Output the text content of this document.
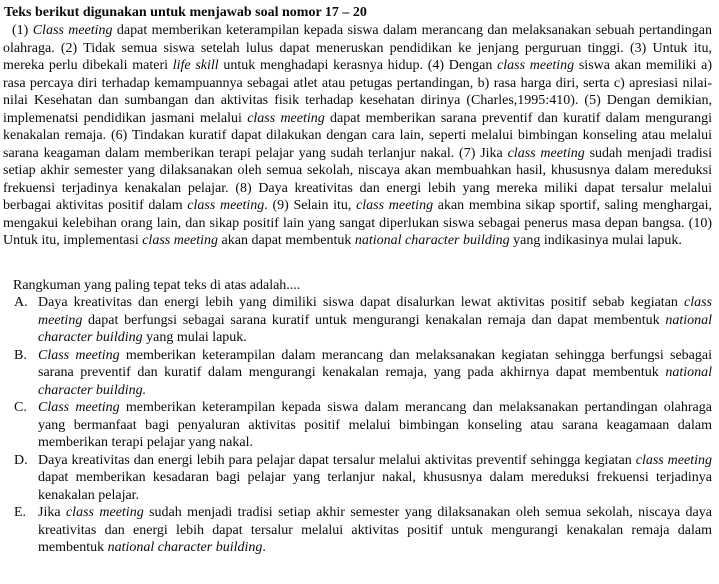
Teks berikut digunakan untuk menjawab soal nomor 17 – 20

(1) Class meeting dapat memberikan keterampilan kepada siswa dalam merancang dan melaksanakan sebuah pertandingan olahraga. (2) Tidak semua siswa setelah lulus dapat meneruskan pendidikan ke jenjang perguruan tinggi. (3) Untuk itu, mereka perlu dibekali materi life skill untuk menghadapi kerasnya hidup. (4) Dengan class meeting siswa akan memiliki a) rasa percaya diri terhadap kemampuannya sebagai atlet atau petugas pertandingan, b) rasa harga diri, serta c) apresiasi nilai-nilai Kesehatan dan sumbangan dan aktivitas fisik terhadap kesehatan dirinya (Charles,1995:410). (5) Dengan demikian, implemenatsi pendidikan jasmani melalui class meeting dapat memberikan sarana preventif dan kuratif dalam mengurangi kenakalan remaja. (6) Tindakan kuratif dapat dilakukan dengan cara lain, seperti melalui bimbingan konseling atau melalui sarana keagaman dalam memberikan terapi pelajar yang sudah terlanjur nakal. (7) Jika class meeting sudah menjadi tradisi setiap akhir semester yang dilaksanakan oleh semua sekolah, niscaya akan membuahkan hasil, khususnya dalam mereduksi frekuensi terjadinya kenakalan pelajar. (8) Daya kreativitas dan energi lebih yang mereka miliki dapat tersalur melalui berbagai aktivitas positif dalam class meeting. (9) Selain itu, class meeting akan membina sikap sportif, saling menghargai, mengakui kelebihan orang lain, dan sikap positif lain yang sangat diperlukan siswa sebagai penerus masa depan bangsa. (10) Untuk itu, implementasi class meeting akan dapat membentuk national character building yang indikasinya mulai lapuk.

Rangkuman yang paling tepat teks di atas adalah....
A. Daya kreativitas dan energi lebih yang dimiliki siswa dapat disalurkan lewat aktivitas positif sebab kegiatan class meeting dapat berfungsi sebagai sarana kuratif untuk mengurangi kenakalan remaja dan dapat membentuk national character building yang mulai lapuk.
B. Class meeting memberikan keterampilan dalam merancang dan melaksanakan kegiatan sehingga berfungsi sebagai sarana preventif dan kuratif dalam mengurangi kenakalan remaja, yang pada akhirnya dapat membentuk national character building.
C. Class meeting memberikan keterampilan kepada siswa dalam merancang dan melaksanakan pertandingan olahraga yang bermanfaat bagi penyaluran aktivitas positif melalui bimbingan konseling atau sarana keagamaan dalam memberikan terapi pelajar yang nakal.
D. Daya kreativitas dan energi lebih para pelajar dapat tersalur melalui aktivitas preventif sehingga kegiatan class meeting dapat memberikan kesadaran bagi pelajar yang terlanjur nakal, khususnya dalam mereduksi frekuensi terjadinya kenakalan pelajar.
E. Jika class meeting sudah menjadi tradisi setiap akhir semester yang dilaksanakan oleh semua sekolah, niscaya daya kreativitas dan energi lebih dapat tersalur melalui aktivitas positif untuk mengurangi kenakalan remaja dalam membentuk national character building.
